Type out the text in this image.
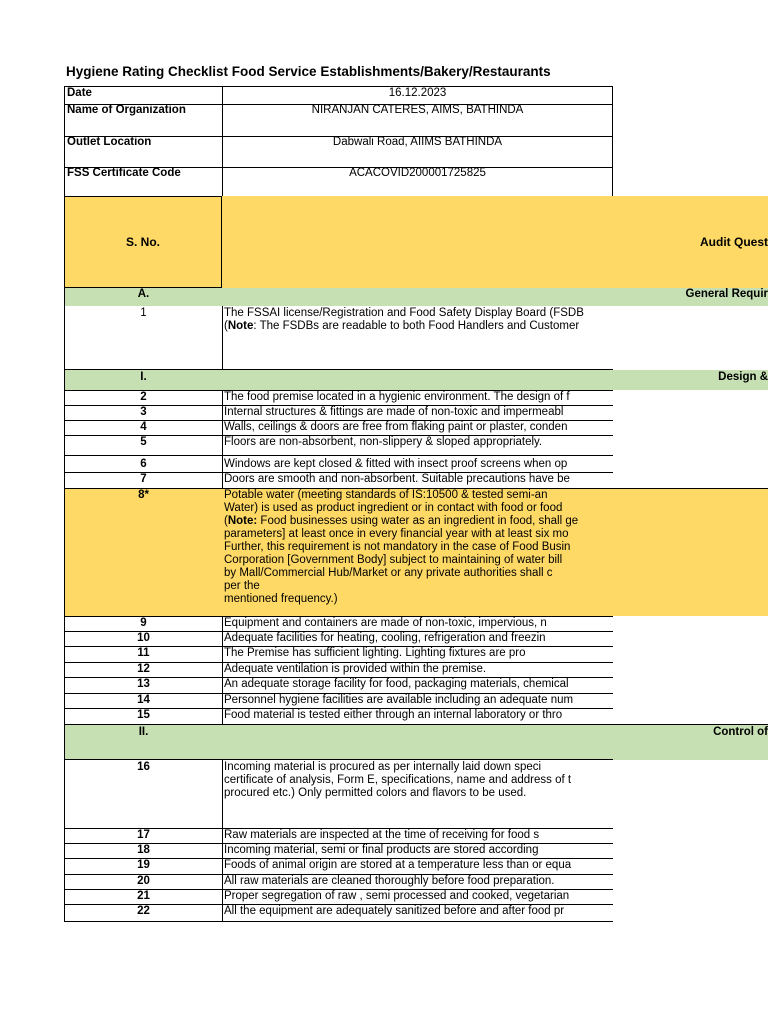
Hygiene Rating Checklist Food Service Establishments/Bakery/Restaurants
Date	16.12.2023
Name of Organization	NIRANJAN CATERES, AIMS, BATHINDA
Outlet Location	Dabwali Road, AIIMS BATHINDA
FSS Certificate Code	ACACOVID200001725825
S. No.	Audit Quest
A.	General Requir
1	The FSSAI license/Registration and Food Safety Display Board (FSDB
(Note: The FSDBs are readable to both Food Handlers and Customer
I.	Design &
2	The food premise located in a hygienic environment. The design of f
3	Internal structures & fittings are made of non-toxic and impermeabl
4	Walls, ceilings & doors are free from flaking paint or plaster, conden
5	Floors are non-absorbent, non-slippery & sloped appropriately.
6	Windows are kept closed & fitted with insect proof screens when op
7	Doors are smooth and non-absorbent. Suitable precautions have be
8*	Potable water (meeting standards of IS:10500 & tested semi-an
Water) is used as product ingredient or in contact with food or food
(Note: Food businesses using water as an ingredient in food, shall ge
parameters] at least once in every financial year with at least six mo
Further, this requirement is not mandatory in the case of Food Busin
Corporation [Government Body] subject to maintaining of water bill
by Mall/Commercial Hub/Market or any private authorities shall c
per the
mentioned frequency.)
9	Equipment and containers are made of non-toxic, impervious, n
10	Adequate facilities for heating, cooling, refrigeration and freezin
11	The Premise has sufficient lighting. Lighting fixtures are pro
12	Adequate ventilation is provided within the premise.
13	An adequate storage facility for food, packaging materials, chemical
14	Personnel hygiene facilities are available including an adequate num
15	Food material is tested either through an internal laboratory or thro
II.	Control of
16	Incoming material is procured as per internally laid down speci
certificate of analysis, Form E, specifications, name and address of t
procured etc.) Only permitted colors and flavors to be used.
17	Raw materials are inspected at the time of receiving for food s
18	Incoming material, semi or final products are stored according
19	Foods of animal origin are stored at a temperature less than or equa
20	All raw materials are cleaned thoroughly before food preparation.
21	Proper segregation of raw , semi processed and cooked, vegetarian
22	All the equipment are adequately sanitized before and after food pr
